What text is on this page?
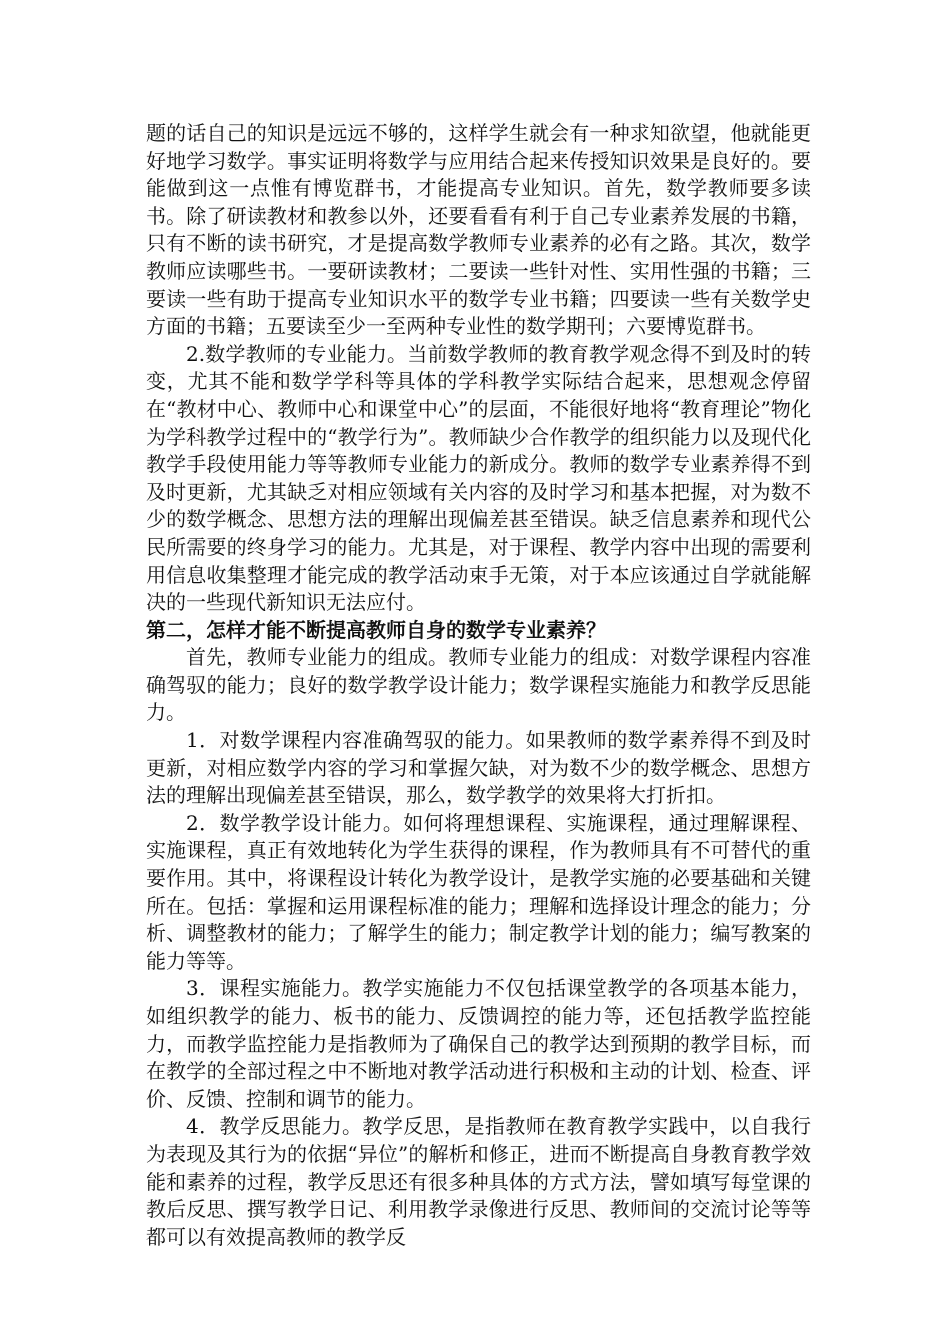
题的话自己的知识是远远不够的，这样学生就会有一种求知欲望，他就能更好地学习数学。事实证明将数学与应用结合起来传授知识效果是良好的。要能做到这一点惟有博览群书，才能提高专业知识。首先，数学教师要多读书。除了研读教材和教参以外，还要看看有利于自己专业素养发展的书籍，只有不断的读书研究，才是提高数学教师专业素养的必有之路。其次，数学教师应读哪些书。一要研读教材；二要读一些针对性、实用性强的书籍；三要读一些有助于提高专业知识水平的数学专业书籍；四要读一些有关数学史方面的书籍；五要读至少一至两种专业性的数学期刊；六要博览群书。

2.数学教师的专业能力。当前数学教师的教育教学观念得不到及时的转变，尤其不能和数学学科等具体的学科教学实际结合起来，思想观念停留在“教材中心、教师中心和课堂中心”的层面，不能很好地将“教育理论”物化为学科教学过程中的“教学行为”。教师缺少合作教学的组织能力以及现代化教学手段使用能力等等教师专业能力的新成分。教师的数学专业素养得不到及时更新，尤其缺乏对相应领域有关内容的及时学习和基本把握，对为数不少的数学概念、思想方法的理解出现偏差甚至错误。缺乏信息素养和现代公民所需要的终身学习的能力。尤其是，对于课程、教学内容中出现的需要利用信息收集整理才能完成的教学活动束手无策，对于本应该通过自学就能解决的一些现代新知识无法应付。

第二，怎样才能不断提高教师自身的数学专业素养？

首先，教师专业能力的组成。教师专业能力的组成：对数学课程内容准确驾驭的能力；良好的数学教学设计能力；数学课程实施能力和教学反思能力。

1．对数学课程内容准确驾驭的能力。如果教师的数学素养得不到及时更新，对相应数学内容的学习和掌握欠缺，对为数不少的数学概念、思想方法的理解出现偏差甚至错误，那么，数学教学的效果将大打折扣。

2．数学教学设计能力。如何将理想课程、实施课程，通过理解课程、实施课程，真正有效地转化为学生获得的课程，作为教师具有不可替代的重要作用。其中，将课程设计转化为教学设计，是教学实施的必要基础和关键所在。包括：掌握和运用课程标准的能力；理解和选择设计理念的能力；分析、调整教材的能力；了解学生的能力；制定教学计划的能力；编写教案的能力等等。

3．课程实施能力。教学实施能力不仅包括课堂教学的各项基本能力，如组织教学的能力、板书的能力、反馈调控的能力等，还包括教学监控能力，而教学监控能力是指教师为了确保自己的教学达到预期的教学目标，而在教学的全部过程之中不断地对教学活动进行积极和主动的计划、检查、评价、反馈、控制和调节的能力。

4．教学反思能力。教学反思，是指教师在教育教学实践中，以自我行为表现及其行为的依据“异位”的解析和修正，进而不断提高自身教育教学效能和素养的过程，教学反思还有很多种具体的方式方法，譬如填写每堂课的教后反思、撰写教学日记、利用教学录像进行反思、教师间的交流讨论等等都可以有效提高教师的教学反
